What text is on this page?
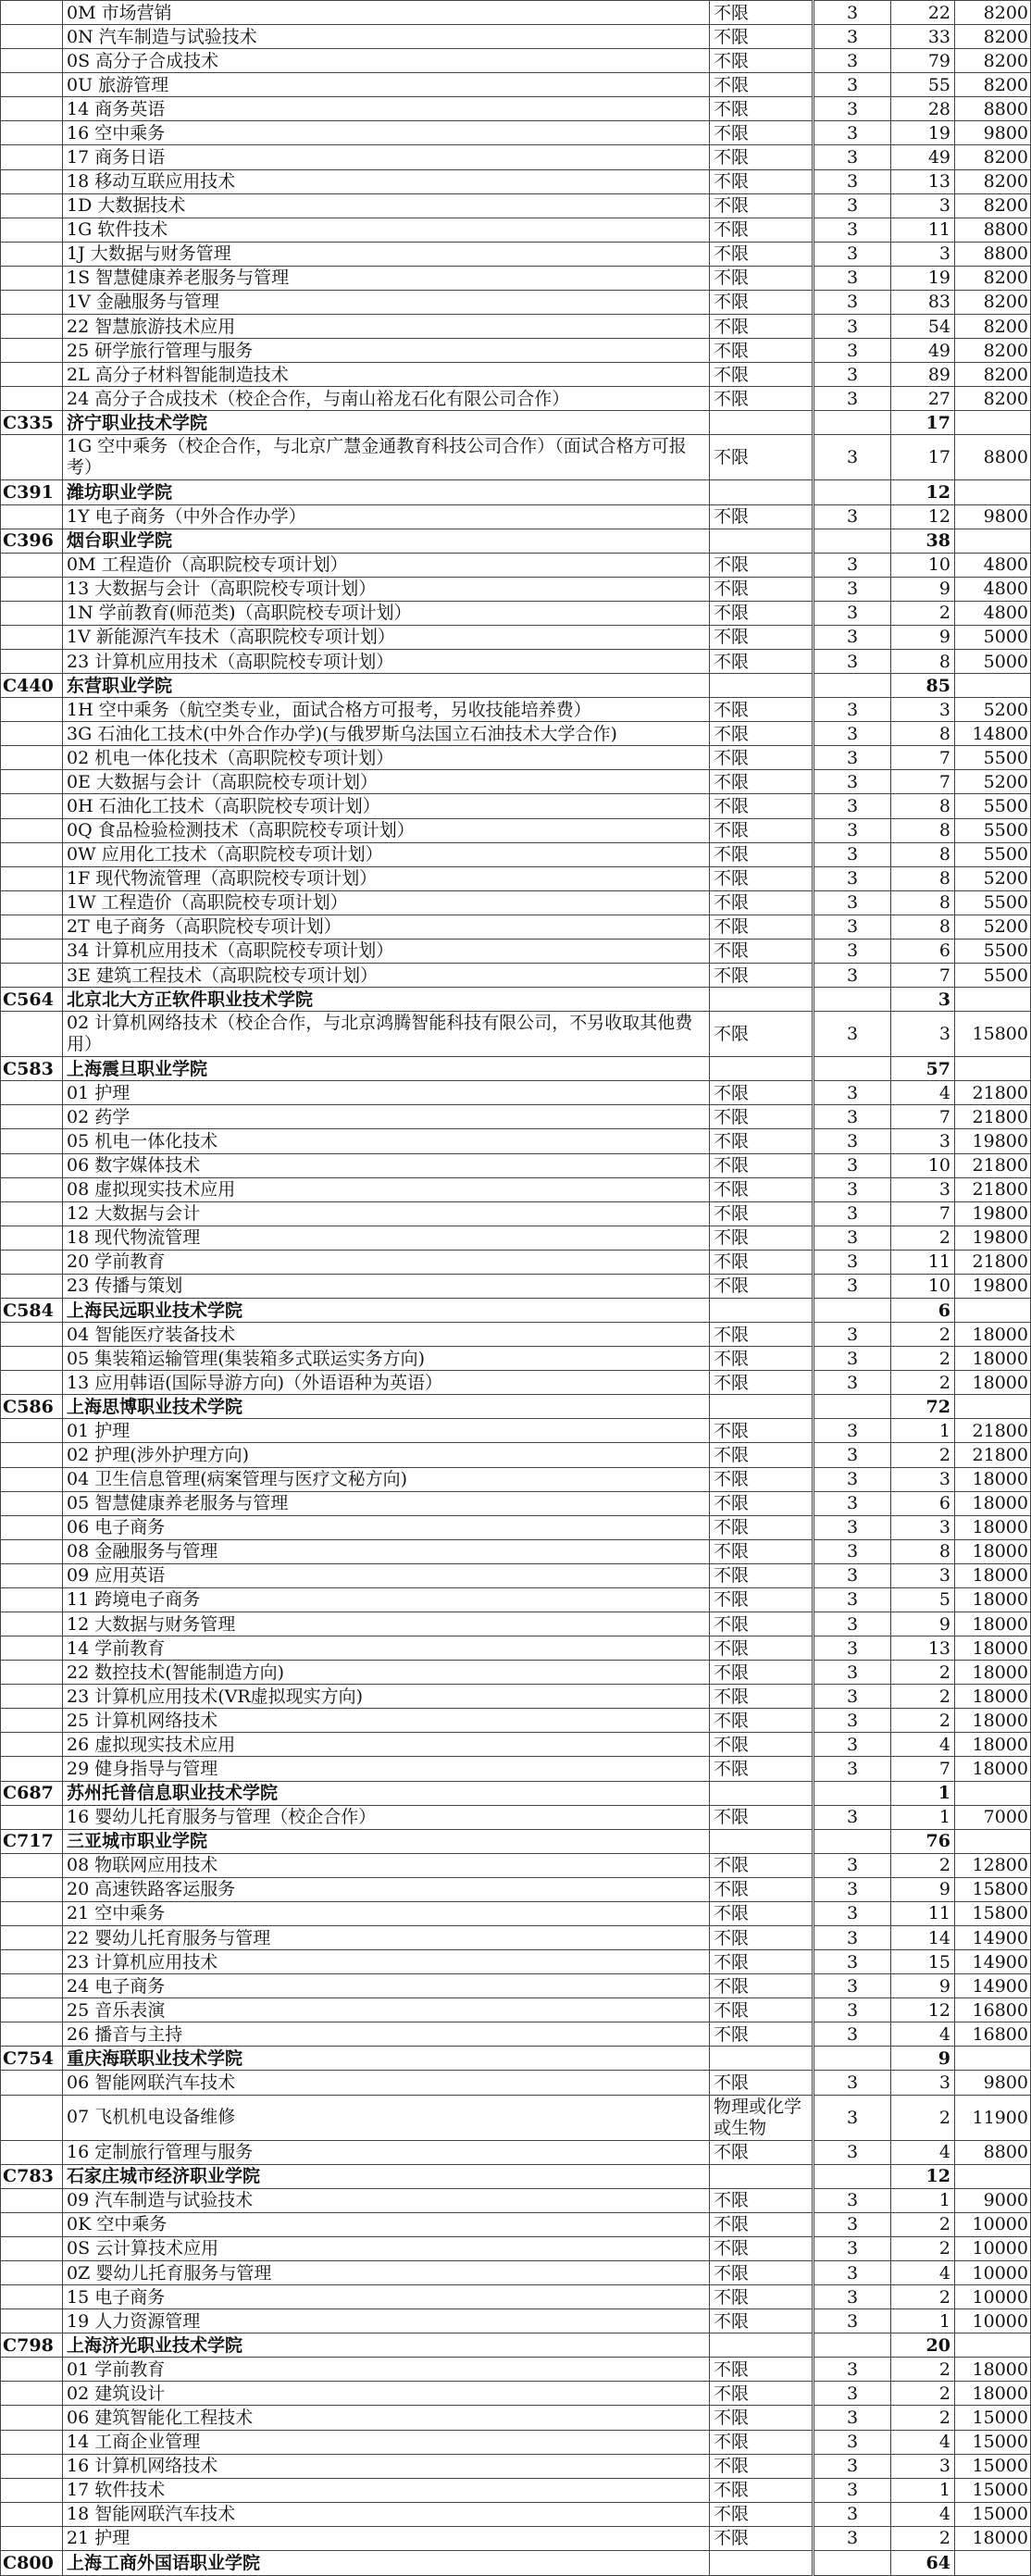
	0M 市场营销	不限	3	22	8200
	0N 汽车制造与试验技术	不限	3	33	8200
	0S 高分子合成技术	不限	3	79	8200
	0U 旅游管理	不限	3	55	8200
	14 商务英语	不限	3	28	8800
	16 空中乘务	不限	3	19	9800
	17 商务日语	不限	3	49	8200
	18 移动互联应用技术	不限	3	13	8200
	1D 大数据技术	不限	3	3	8200
	1G 软件技术	不限	3	11	8800
	1J 大数据与财务管理	不限	3	3	8800
	1S 智慧健康养老服务与管理	不限	3	19	8200
	1V 金融服务与管理	不限	3	83	8200
	22 智慧旅游技术应用	不限	3	54	8200
	25 研学旅行管理与服务	不限	3	49	8200
	2L 高分子材料智能制造技术	不限	3	89	8200
	24 高分子合成技术（校企合作，与南山裕龙石化有限公司合作）	不限	3	27	8200
C335	济宁职业技术学院			17	
	1G 空中乘务（校企合作，与北京广慧金通教育科技公司合作）（面试合格方可报考）	不限	3	17	8800
C391	潍坊职业学院			12	
	1Y 电子商务（中外合作办学）	不限	3	12	9800
C396	烟台职业学院			38	
	0M 工程造价（高职院校专项计划）	不限	3	10	4800
	13 大数据与会计（高职院校专项计划）	不限	3	9	4800
	1N 学前教育(师范类)（高职院校专项计划）	不限	3	2	4800
	1V 新能源汽车技术（高职院校专项计划）	不限	3	9	5000
	23 计算机应用技术（高职院校专项计划）	不限	3	8	5000
C440	东营职业学院			85	
	1H 空中乘务（航空类专业，面试合格方可报考，另收技能培养费）	不限	3	3	5200
	3G 石油化工技术(中外合作办学)(与俄罗斯乌法国立石油技术大学合作)	不限	3	8	14800
	02 机电一体化技术（高职院校专项计划）	不限	3	7	5500
	0E 大数据与会计（高职院校专项计划）	不限	3	7	5200
	0H 石油化工技术（高职院校专项计划）	不限	3	8	5500
	0Q 食品检验检测技术（高职院校专项计划）	不限	3	8	5500
	0W 应用化工技术（高职院校专项计划）	不限	3	8	5500
	1F 现代物流管理（高职院校专项计划）	不限	3	8	5200
	1W 工程造价（高职院校专项计划）	不限	3	8	5500
	2T 电子商务（高职院校专项计划）	不限	3	8	5200
	34 计算机应用技术（高职院校专项计划）	不限	3	6	5500
	3E 建筑工程技术（高职院校专项计划）	不限	3	7	5500
C564	北京北大方正软件职业技术学院			3	
	02 计算机网络技术（校企合作，与北京鸿腾智能科技有限公司，不另收取其他费用）	不限	3	3	15800
C583	上海震旦职业学院			57	
	01 护理	不限	3	4	21800
	02 药学	不限	3	7	21800
	05 机电一体化技术	不限	3	3	19800
	06 数字媒体技术	不限	3	10	21800
	08 虚拟现实技术应用	不限	3	3	21800
	12 大数据与会计	不限	3	7	19800
	18 现代物流管理	不限	3	2	19800
	20 学前教育	不限	3	11	21800
	23 传播与策划	不限	3	10	19800
C584	上海民远职业技术学院			6	
	04 智能医疗装备技术	不限	3	2	18000
	05 集装箱运输管理(集装箱多式联运实务方向)	不限	3	2	18000
	13 应用韩语(国际导游方向)（外语语种为英语）	不限	3	2	18000
C586	上海思博职业技术学院			72	
	01 护理	不限	3	1	21800
	02 护理(涉外护理方向)	不限	3	2	21800
	04 卫生信息管理(病案管理与医疗文秘方向)	不限	3	3	18000
	05 智慧健康养老服务与管理	不限	3	6	18000
	06 电子商务	不限	3	3	18000
	08 金融服务与管理	不限	3	8	18000
	09 应用英语	不限	3	3	18000
	11 跨境电子商务	不限	3	5	18000
	12 大数据与财务管理	不限	3	9	18000
	14 学前教育	不限	3	13	18000
	22 数控技术(智能制造方向)	不限	3	2	18000
	23 计算机应用技术(VR虚拟现实方向)	不限	3	2	18000
	25 计算机网络技术	不限	3	2	18000
	26 虚拟现实技术应用	不限	3	4	18000
	29 健身指导与管理	不限	3	7	18000
C687	苏州托普信息职业技术学院			1	
	16 婴幼儿托育服务与管理（校企合作）	不限	3	1	7000
C717	三亚城市职业学院			76	
	08 物联网应用技术	不限	3	2	12800
	20 高速铁路客运服务	不限	3	9	15800
	21 空中乘务	不限	3	11	15800
	22 婴幼儿托育服务与管理	不限	3	14	14900
	23 计算机应用技术	不限	3	15	14900
	24 电子商务	不限	3	9	14900
	25 音乐表演	不限	3	12	16800
	26 播音与主持	不限	3	4	16800
C754	重庆海联职业技术学院			9	
	06 智能网联汽车技术	不限	3	3	9800
	07 飞机机电设备维修	物理或化学或生物	3	2	11900
	16 定制旅行管理与服务	不限	3	4	8800
C783	石家庄城市经济职业学院			12	
	09 汽车制造与试验技术	不限	3	1	9000
	0K 空中乘务	不限	3	2	10000
	0S 云计算技术应用	不限	3	2	10000
	0Z 婴幼儿托育服务与管理	不限	3	4	10000
	15 电子商务	不限	3	2	10000
	19 人力资源管理	不限	3	1	10000
C798	上海济光职业技术学院			20	
	01 学前教育	不限	3	2	18000
	02 建筑设计	不限	3	2	18000
	06 建筑智能化工程技术	不限	3	2	15000
	14 工商企业管理	不限	3	4	15000
	16 计算机网络技术	不限	3	3	15000
	17 软件技术	不限	3	1	15000
	18 智能网联汽车技术	不限	3	4	15000
	21 护理	不限	3	2	18000
C800	上海工商外国语职业学院			64	
